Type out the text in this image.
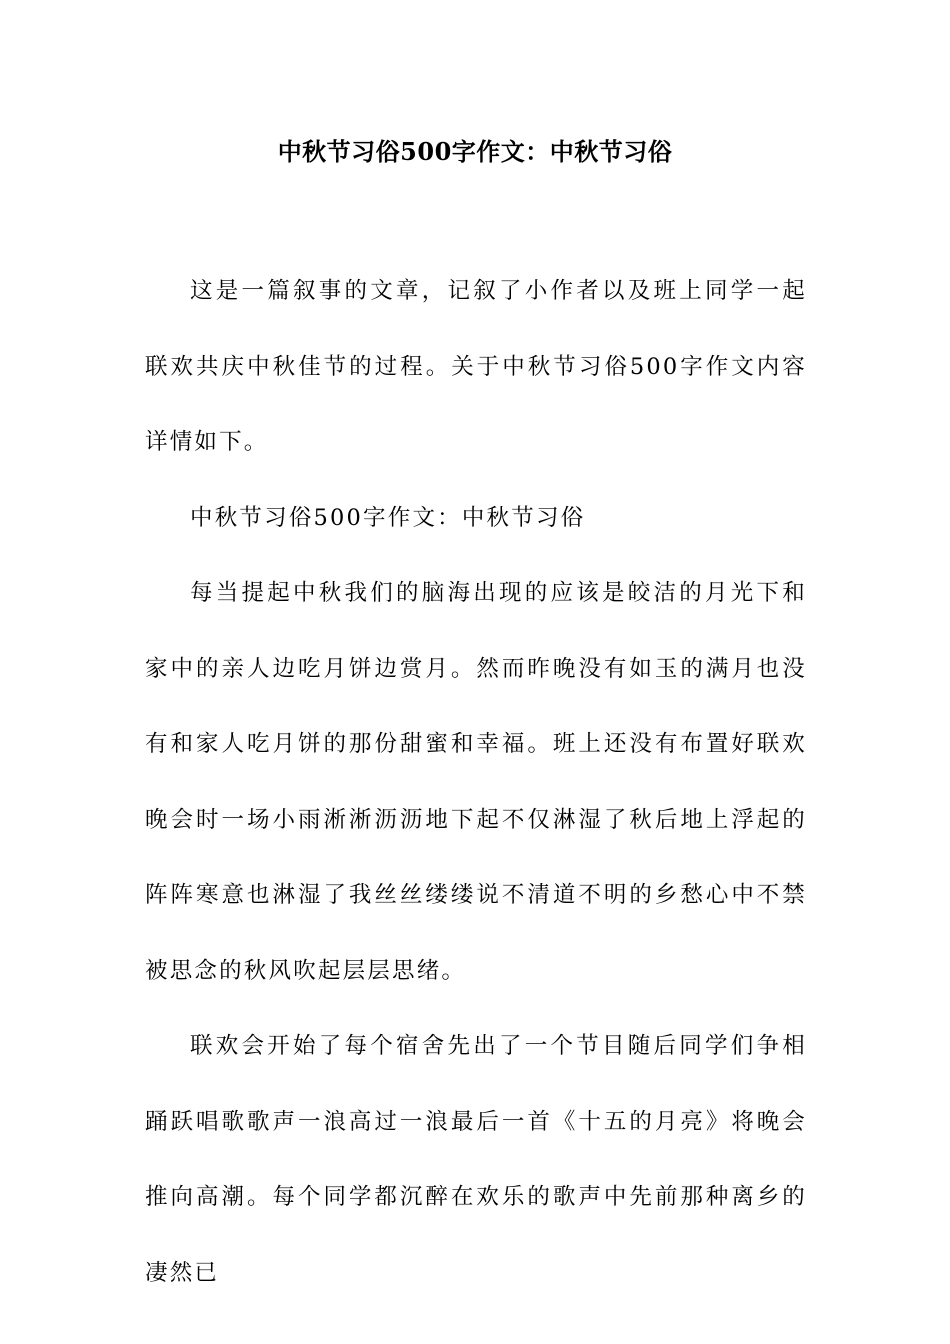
中秋节习俗500字作文：中秋节习俗

这是一篇叙事的文章，记叙了小作者以及班上同学一起联欢共庆中秋佳节的过程。关于中秋节习俗500字作文内容详情如下。

中秋节习俗500字作文：中秋节习俗

每当提起中秋我们的脑海出现的应该是皎洁的月光下和家中的亲人边吃月饼边赏月。然而昨晚没有如玉的满月也没有和家人吃月饼的那份甜蜜和幸福。班上还没有布置好联欢晚会时一场小雨淅淅沥沥地下起不仅淋湿了秋后地上浮起的阵阵寒意也淋湿了我丝丝缕缕说不清道不明的乡愁心中不禁被思念的秋风吹起层层思绪。

联欢会开始了每个宿舍先出了一个节目随后同学们争相踊跃唱歌歌声一浪高过一浪最后一首《十五的月亮》将晚会推向高潮。每个同学都沉醉在欢乐的歌声中先前那种离乡的凄然已
